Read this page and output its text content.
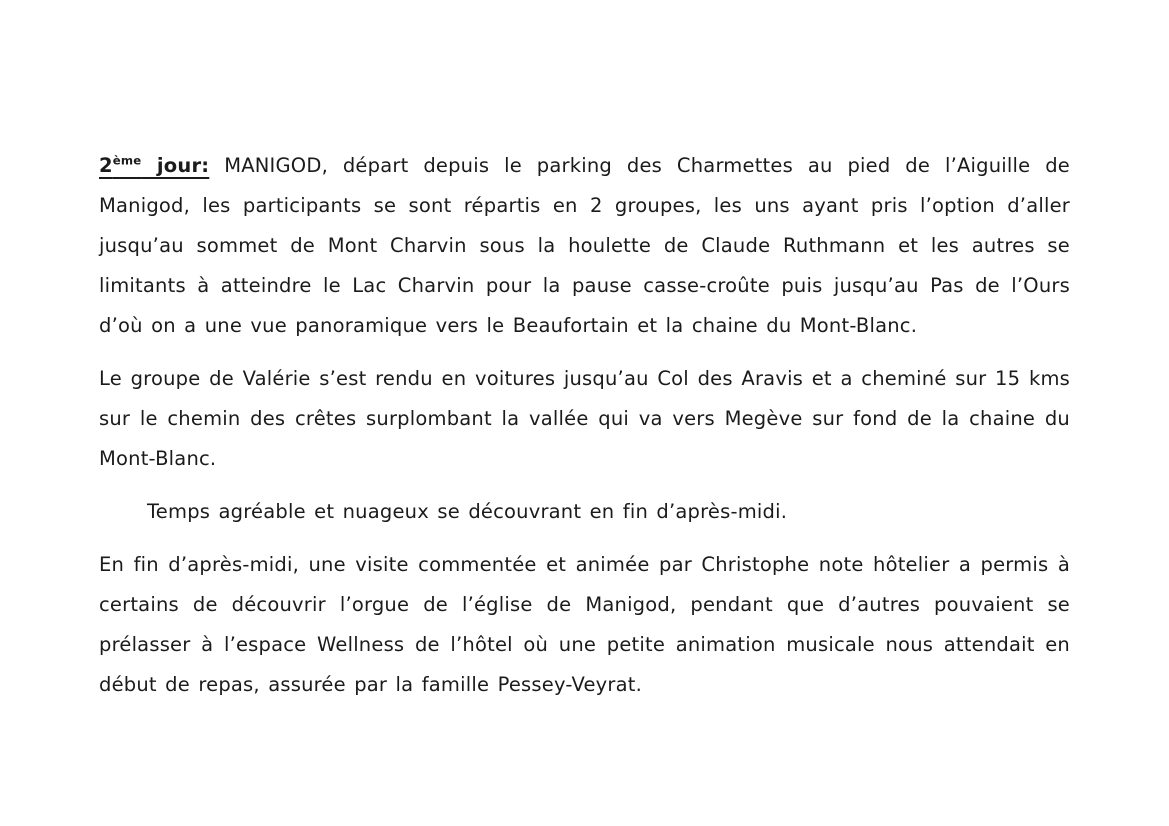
2ème jour: MANIGOD, départ depuis le parking des Charmettes au pied de l’Aiguille de Manigod, les participants se sont répartis en 2 groupes, les uns ayant pris l’option d’aller jusqu’au sommet de Mont Charvin sous la houlette de Claude Ruthmann et les autres se limitants à atteindre le Lac Charvin pour la pause casse-croûte puis jusqu’au Pas de l’Ours d’où on a une vue panoramique vers le Beaufortain et la chaine du Mont-Blanc.

Le groupe de Valérie s’est rendu en voitures jusqu’au Col des Aravis et a cheminé sur 15 kms sur le chemin des crêtes surplombant la vallée qui va vers Megève sur fond de la chaine du Mont-Blanc.

Temps agréable et nuageux se découvrant en fin d’après-midi.

En fin d’après-midi, une visite commentée et animée par Christophe note hôtelier a permis à certains de découvrir l’orgue de l’église de Manigod, pendant que d’autres pouvaient se prélasser à l’espace Wellness de l’hôtel où une petite animation musicale nous attendait en début de repas, assurée par la famille Pessey-Veyrat.
